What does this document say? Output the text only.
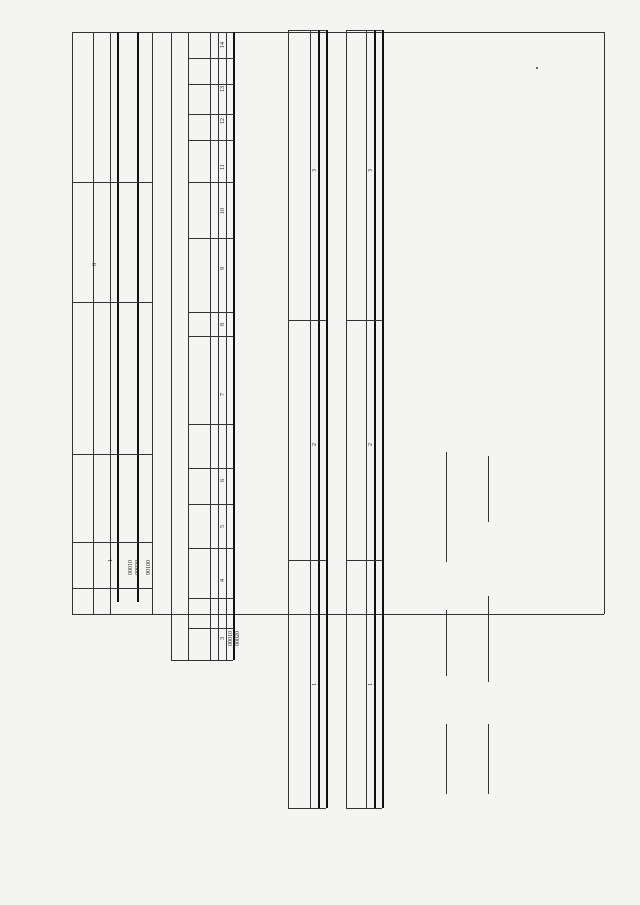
6
1 00010 00020 90100
14
13
12
11
10
9
8
7
6
5
4
3 00010 00020
3
2
1
3
2
1
